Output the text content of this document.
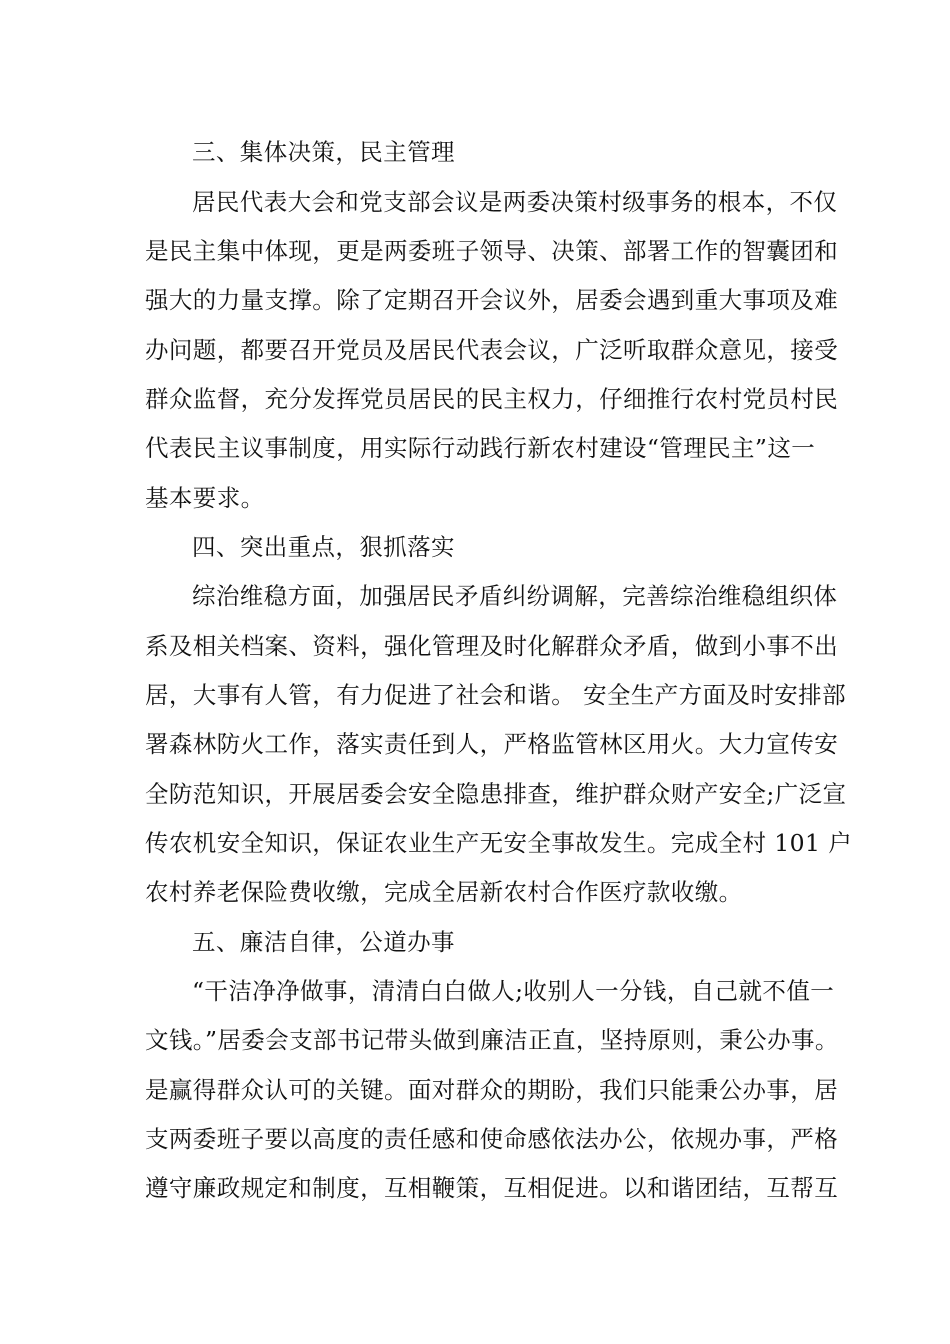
三、集体决策，民主管理
居民代表大会和党支部会议是两委决策村级事务的根本，不仅
是民主集中体现，更是两委班子领导、决策、部署工作的智囊团和
强大的力量支撑。除了定期召开会议外，居委会遇到重大事项及难
办问题，都要召开党员及居民代表会议，广泛听取群众意见，接受
群众监督，充分发挥党员居民的民主权力，仔细推行农村党员村民
代表民主议事制度，用实际行动践行新农村建设“管理民主”这一
基本要求。
四、突出重点，狠抓落实
综治维稳方面，加强居民矛盾纠纷调解，完善综治维稳组织体
系及相关档案、资料，强化管理及时化解群众矛盾，做到小事不出
居，大事有人管，有力促进了社会和谐。 安全生产方面及时安排部
署森林防火工作，落实责任到人，严格监管林区用火。大力宣传安
全防范知识，开展居委会安全隐患排查，维护群众财产安全;广泛宣
传农机安全知识，保证农业生产无安全事故发生。完成全村 101 户
农村养老保险费收缴，完成全居新农村合作医疗款收缴。
五、廉洁自律，公道办事
“干洁净净做事，清清白白做人;收别人一分钱，自己就不值一
文钱。”居委会支部书记带头做到廉洁正直，坚持原则，秉公办事。
是赢得群众认可的关键。面对群众的期盼，我们只能秉公办事，居
支两委班子要以高度的责任感和使命感依法办公，依规办事，严格
遵守廉政规定和制度，互相鞭策，互相促进。以和谐团结，互帮互
